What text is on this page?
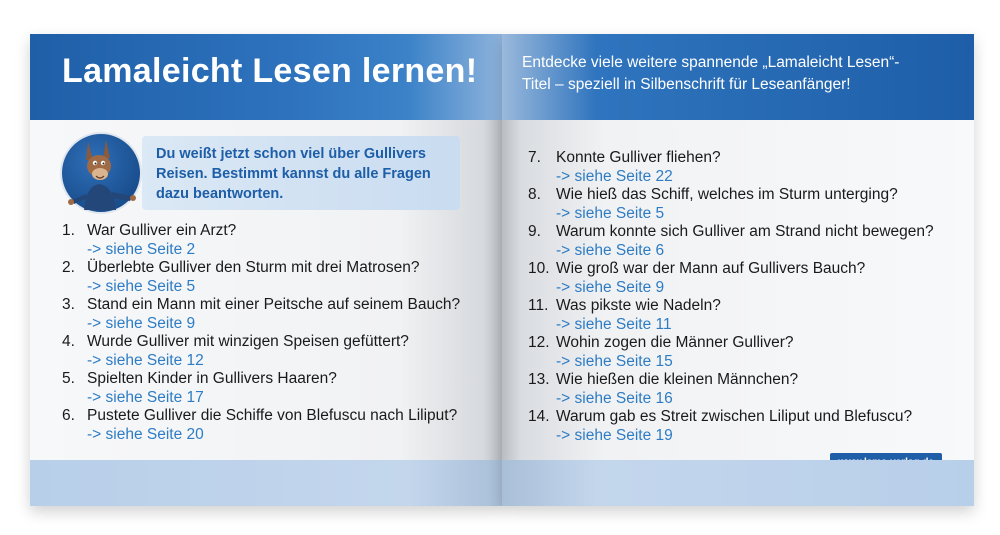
Lamaleicht Lesen lernen!
Du weißt jetzt schon viel über Gullivers
Reisen. Bestimmt kannst du alle Fragen
dazu beantworten.
1. War Gulliver ein Arzt?
-> siehe Seite 2
2. Überlebte Gulliver den Sturm mit drei Matrosen?
-> siehe Seite 5
3. Stand ein Mann mit einer Peitsche auf seinem Bauch?
-> siehe Seite 9
4. Wurde Gulliver mit winzigen Speisen gefüttert?
-> siehe Seite 12
5. Spielten Kinder in Gullivers Haaren?
-> siehe Seite 17
6. Pustete Gulliver die Schiffe von Blefuscu nach Liliput?
-> siehe Seite 20
Entdecke viele weitere spannende „Lamaleicht Lesen“-
Titel – speziell in Silbenschrift für Leseanfänger!
7. Konnte Gulliver fliehen?
-> siehe Seite 22
8. Wie hieß das Schiff, welches im Sturm unterging?
-> siehe Seite 5
9. Warum konnte sich Gulliver am Strand nicht bewegen?
-> siehe Seite 6
10. Wie groß war der Mann auf Gullivers Bauch?
-> siehe Seite 9
11. Was pikste wie Nadeln?
-> siehe Seite 11
12. Wohin zogen die Männer Gulliver?
-> siehe Seite 15
13. Wie hießen die kleinen Männchen?
-> siehe Seite 16
14. Warum gab es Streit zwischen Liliput und Blefuscu?
-> siehe Seite 19
